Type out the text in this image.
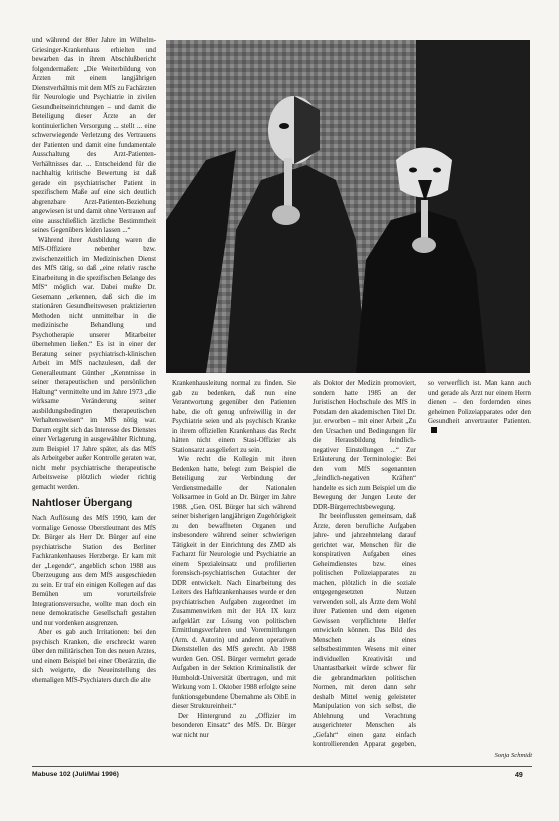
und während der 80er Jahre im Wilhelm-Griesinger-Krankenhaus erhielten und bewarben das in ihrem Abschlußbericht folgendermaßen: „Die Weiterbildung von Ärzten mit einem langjährigen Dienstverhältnis mit dem MfS zu Fachärzten für Neurologie und Psychiatrie in zivilen Gesundheitseinrichtungen – und damit die Beteiligung dieser Ärzte an der kontinuierlichen Versorgung ... stellt ... eine schwerwiegende Verletzung des Vertrauens der Patienten und damit eine fundamentale Ausschaltung des Arzt-Patienten-Verhältnisses dar. ... Entscheidend für die nachhaltig kritische Bewertung ist daß gerade ein psychiatrischer Patient in spezifischem Maße auf eine sich deutlich abgrenzbare Arzt-Patienten-Beziehung angewiesen ist und damit ohne Vertrauen auf eine ausschließlich ärztliche Bestimmtheit seines Gegenübers leiden lassen ...“

Während ihrer Ausbildung waren die MfS-Offiziere nebenher bzw. zwischenzeitlich im Medizinischen Dienst des MfS tätig, so daß „eine relativ rasche Einarbeitung in die spezifischen Belange des MfS“ möglich war. Dabei mußte Dr. Gesemann „erkennen, daß sich die im stationären Gesundheitswesen praktizierten Methoden nicht unmittelbar in die medizinische Behandlung und Psychotherapie unserer Mitarbeiter übernehmen ließen.“ Es ist in einer der Beratung seiner psychiatrisch-klinischen Arbeit im MfS nachzulesen, daß der Generalleutnant Günther „Kenntnisse in seiner therapeutischen und persönlichen Haltung“ vermittelte und im Jahre 1973 „die wirksame Veränderung seiner ausbildungsbedingten therapeutischen Verhaltensweisen“ im MfS nötig war. Darum ergibt sich das Interesse des Dienstes einer Verlagerung in ausgewählter Richtung, zum Beispiel 17 Jahre später, als das MfS als Arbeitgeber außer Kontrolle geraten war, nicht mehr psychiatrische therapeutische Arbeitsweise plötzlich wieder richtig gemacht werden.

Nahtloser Übergang

Nach Auflösung des MfS 1990, kam der vormalige Genosse Oberstleutnant des MfS Dr. Bürger als Herr Dr. Bürger auf eine psychiatrische Station des Berliner Fachkrankenhauses Herzberge. Er kam mit der „Legende“, angeblich schon 1988 aus Überzeugung aus dem MfS ausgeschieden zu sein. Er traf ein einigen Kollegen auf das Bemühen um vorurteilsfreie Integrationsversuche, wollte man doch ein neue demokratische Gesellschaft gestalten und nur vordenken ausgrenzen.

Aber es gab auch Irritationen: bei den psychisch Kranken, die erschreckt waren über den militärischen Ton des neuen Arztes, und einem Beispiel bei einer Oberärztin, die sich weigerte, die Neueinstellung des ehemaligen MfS-Psychiaters durch die alte

Krankenhausleitung normal zu finden. Sie gab zu bedenken, daß nun eine Verantwortung gegenüber den Patienten habe, die oft genug unfreiwillig in der Psychiatrie seien und als psychisch Kranke in ihrem offiziellen Krankenhaus das Recht hätten nicht einem Stasi-Offizier als Stationsarzt ausgeliefert zu sein.

Wie recht die Kollegin mit ihren Bedenken hatte, belegt zum Beispiel die Beteiligung zur Verbindung der Verdienstmedaille der Nationalen Volksarmee in Gold an Dr. Bürger im Jahre 1988. „Gen. OSL Bürger hat sich während seiner bisherigen langjährigen Zugehörigkeit zu den bewaffneten Organen und insbesondere während seiner schwierigen Tätigkeit in der Einrichtung des ZMD als Facharzt für Neurologie und Psychiatrie an einem Spezialeinsatz und profilierten forensisch-psychiatrischen Gutachter der DDR entwickelt. Nach Einarbeitung des Leiters des Haftkrankenhauses wurde er den psychiatrischen Aufgaben zugeordnet im Zusammenwirken mit der HA IX kurz aufgeklärt zur Lösung von politischen Ermittlungsverfahren und Vorermittlungen (Arm. d. Autorin) und anderen operativen Dienststellen des MfS gerecht. Ab 1988 wurden Gen. OSL Bürger vermehrt gerade Aufgaben in der Sektion Kriminalistik der Humboldt-Universität übertragen, und mit Wirkung vom 1. Oktober 1988 erfolgte seine funktionsgebundene Übernahme als OibE in dieser Struktureinheit.“

Der Hintergrund zu „Offizier im besonderen Einsatz“ des MfS. Dr. Bürger war nicht nur

als Doktor der Medizin promoviert, sondern hatte 1985 an der Juristischen Hochschule des MfS in Potsdam den akademischen Titel Dr. jur. erworben – mit einer Arbeit „Zu den Ursachen und Bedingungen für die Herausbildung feindlich-negativer Einstellungen ...“ Zur Erläuterung der Terminologie: Bei den vom MfS sogenannten „feindlich-negativen Kräften“ handelte es sich zum Beispiel um die Bewegung der Jungen Leute der DDR-Bürgerrechtsbewegung.

Ihr beeinflussten gemeinsam, daß Ärzte, deren berufliche Aufgaben jahre- und jahrzehntelang darauf gerichtet war, Menschen für die konspirativen Aufgaben eines Geheimdienstes bzw. eines politischen Polizeiapparates zu machen, plötzlich in die soziale entgegengesetzten Nutzen verwenden soll, als Ärzte dem Wohl ihrer Patienten und dem eigenen Gewissen verpflichtete Helfer entwickeln können. Das Bild des Menschen als eines selbstbestimmten Wesens mit einer individuellen Kreativität und Unantastbarkeit würde schwer für die gebrandmarkten politischen Normen, mit deren dann sehr deshalb Mittel wenig geleisteter Manipulation von sich selbst, die Ablehnung und Verachtung ausgerichteter Menschen als „Gefahr“ einen ganz einfach kontrollierenden Apparat gegeben, so verwerflich ist. Man kann auch und gerade als Arzt nur einem Herrn dienen – den fordernden eines geheimen Polizeiapparates oder den Gesundheit anvertrauter Patienten.

Sonja Schmidt
Mabuse 102 (Juli/Mai 1996)	49
